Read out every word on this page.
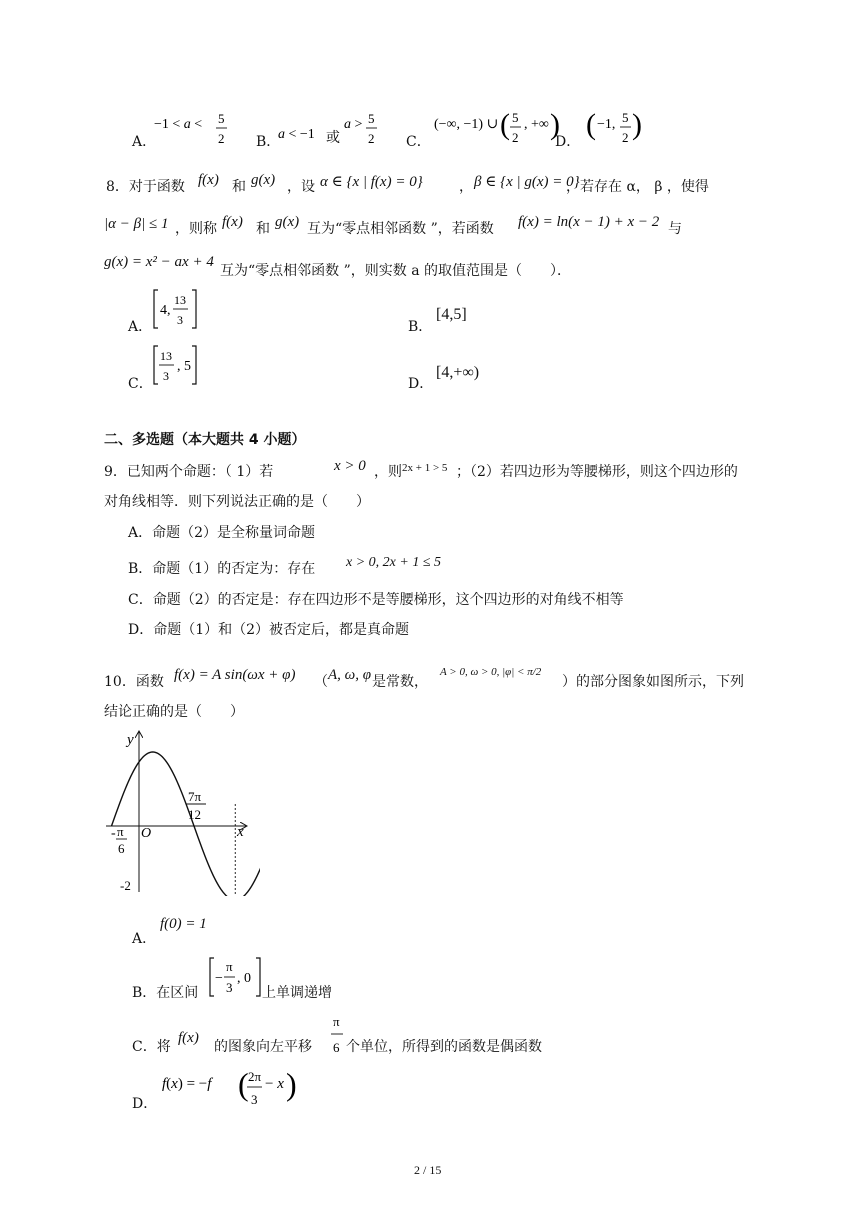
A．
−1 < a < 5
2 B．
a < −1 或
a > 5
2 C．
(−∞, −1) ∪ ( 5
2
, +∞ )
D．
( −1, 5
2 )
8．对于函数 f(x) 和 g(x) ，设 α ∈ {x | f(x) = 0}	， β ∈ {x | g(x) = 0}
，若存在 α， β ，使得
|α − β| ≤ 1 ，则称 f(x) 和 g(x) 互为“零点相邻函数 ”，若函数 f(x) = ln(x − 1) + x − 2 与
g(x) = x² − ax + 4
互为“零点相邻函数 ”，则实数 a 的取值范围是（　　）．
A．
4,
13
3	B．
[4,5]
C．
13
3
, 5
D．
[4,+∞)
二、多选题（本大题共 4 小题）
9．已知两个命题：（ 1）若	x > 0 ，则 2x + 1 > 5 ；（2）若四边形为等腰梯形，则这个四边形的
对角线相等．则下列说法正确的是（　　）
A．命题（2）是全称量词命题
B．命题（1）的否定为：存在 x > 0, 2x + 1 ≤ 5
C．命题（2）的否定是：存在四边形不是等腰梯形，这个四边形的对角线不相等
D．命题（1）和（2）被否定后，都是真命题
10．函数 f(x) = A sin(ωx + φ) （ A, ω, φ 是常数，
A > 0, ω > 0, |φ| < π/2
）的部分图象如图所示，下列
结论正确的是（　　）
y
x
O
- π
6
7π
12
-2
A．
f(0) = 1
B．在区间
−
π
3
, 0
上单调递增
C．将
f(x)
的图象向左平移
π
6 个单位，所得到的函数是偶函数
D．
f(x) = −f ( 2π
3
− x )
2 / 15
